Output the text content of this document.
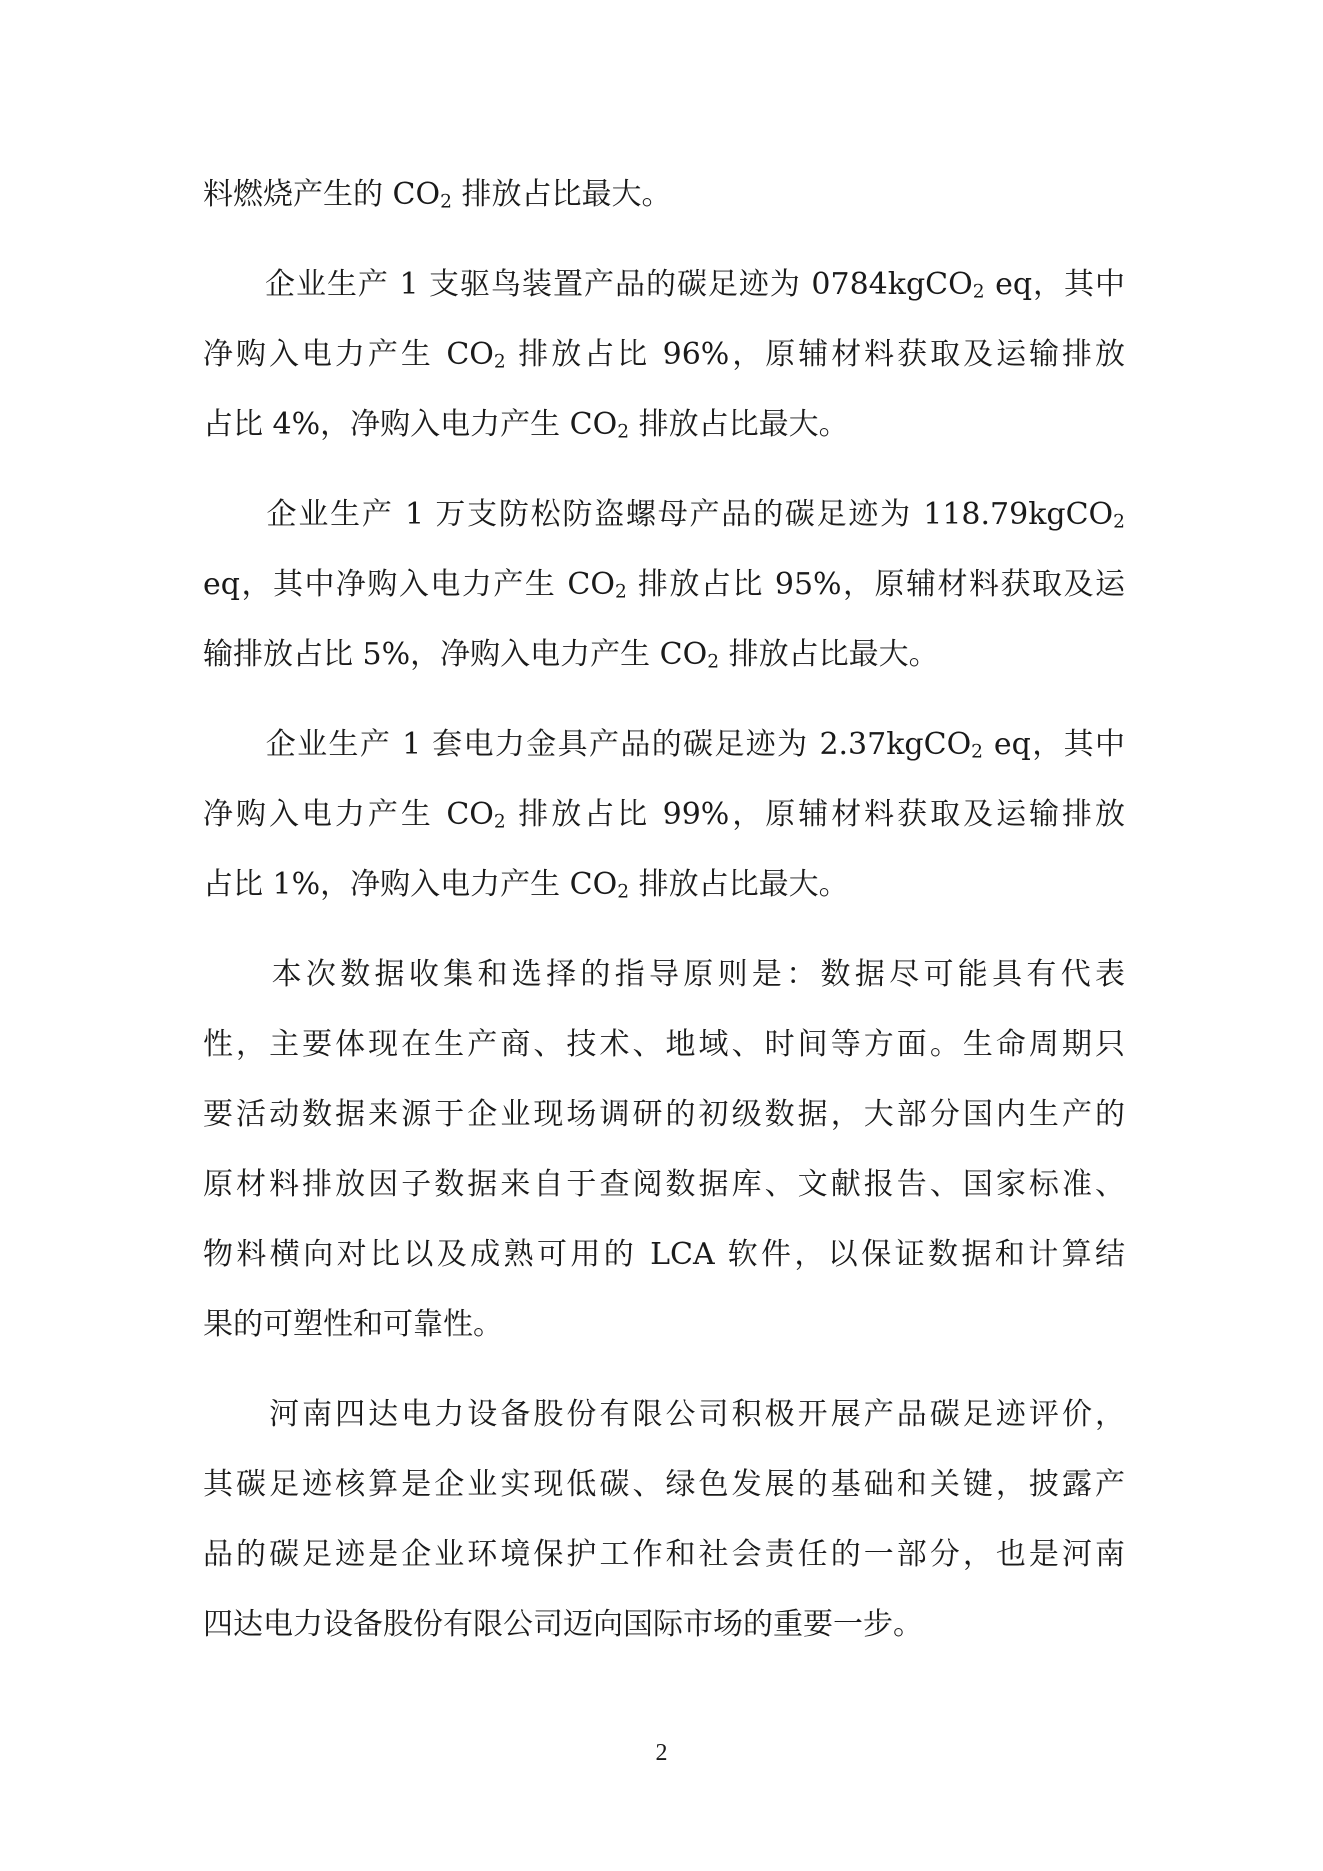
料燃烧产生的 $CO_2$ 排放占比最大。
　　企业生产 1 支驱鸟装置产品的碳足迹为 0784kgCO$_2$ eq，其中
净购入电力产生 $CO_2$ 排放占比 96%，原辅材料获取及运输排放
占比 4%，净购入电力产生 $CO_2$ 排放占比最大。
　　企业生产 1 万支防松防盗螺母产品的碳足迹为 118.79kgCO$_2$
eq，其中净购入电力产生 $CO_2$ 排放占比 95%，原辅材料获取及运
输排放占比 5%，净购入电力产生 $CO_2$ 排放占比最大。
　　企业生产 1 套电力金具产品的碳足迹为 2.37kgCO$_2$ eq，其中
净购入电力产生 $CO_2$ 排放占比 99%，原辅材料获取及运输排放
占比 1%，净购入电力产生 $CO_2$ 排放占比最大。
　　本次数据收集和选择的指导原则是：数据尽可能具有代表
性，主要体现在生产商、技术、地域、时间等方面。生命周期只
要活动数据来源于企业现场调研的初级数据，大部分国内生产的
原材料排放因子数据来自于查阅数据库、文献报告、国家标准、
物料横向对比以及成熟可用的 LCA 软件，以保证数据和计算结
果的可塑性和可靠性。
　　河南四达电力设备股份有限公司积极开展产品碳足迹评价，
其碳足迹核算是企业实现低碳、绿色发展的基础和关键，披露产
品的碳足迹是企业环境保护工作和社会责任的一部分，也是河南
四达电力设备股份有限公司迈向国际市场的重要一步。
2
